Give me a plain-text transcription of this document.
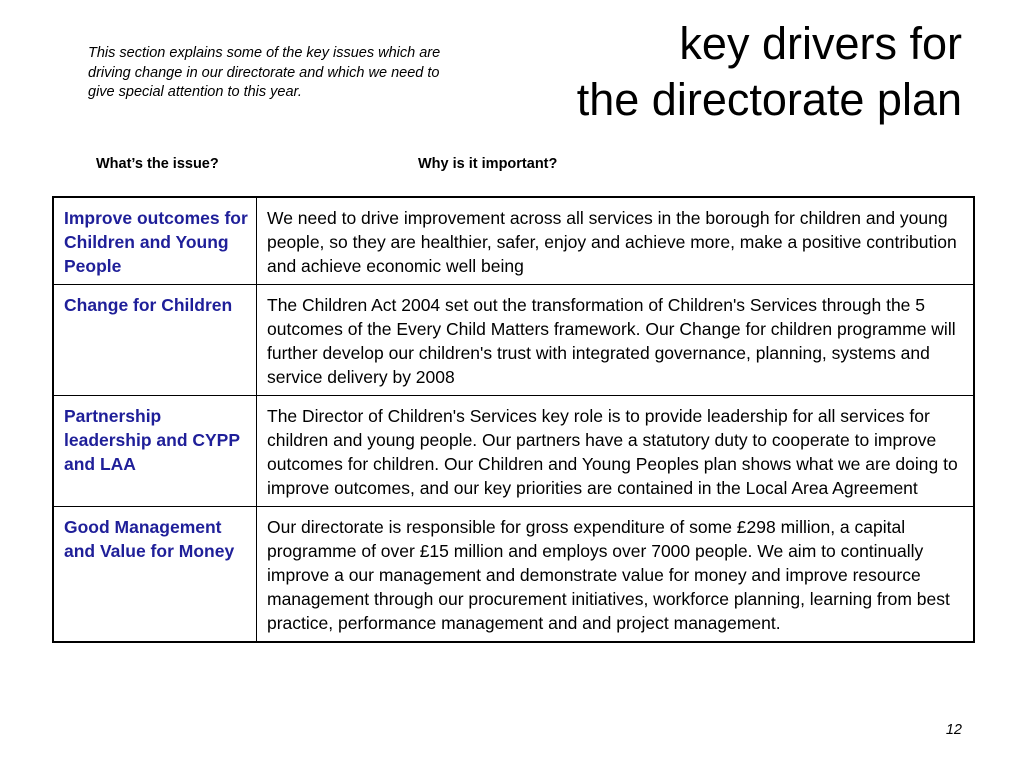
This section explains some of the key issues which are driving change in our directorate and which we need to give special attention to this year.
key drivers for
the directorate plan
What’s the issue?	Why is it important?
Improve outcomes for Children and Young People	We need to drive improvement across all services in the borough for children and young people, so they are healthier, safer, enjoy and achieve more, make a positive contribution and achieve economic well being
Change for Children	The Children Act 2004 set out the transformation of Children's Services through the 5 outcomes of the Every Child Matters framework. Our Change for children programme will further develop our children's trust with integrated governance, planning, systems and service delivery by 2008
Partnership leadership and CYPP and LAA	The Director of Children's Services key role is to provide leadership for all services for children and young people. Our partners have a statutory duty to cooperate to improve outcomes for children. Our Children and Young Peoples plan shows what we are doing to improve outcomes, and our key priorities are contained in the Local Area Agreement
Good Management and Value for Money	Our directorate is responsible for gross expenditure of some £298 million, a capital programme of over £15 million and employs over 7000 people. We aim to continually improve a our management and demonstrate value for money and improve resource management through our procurement initiatives, workforce planning, learning from best practice, performance management and and project management.
12
